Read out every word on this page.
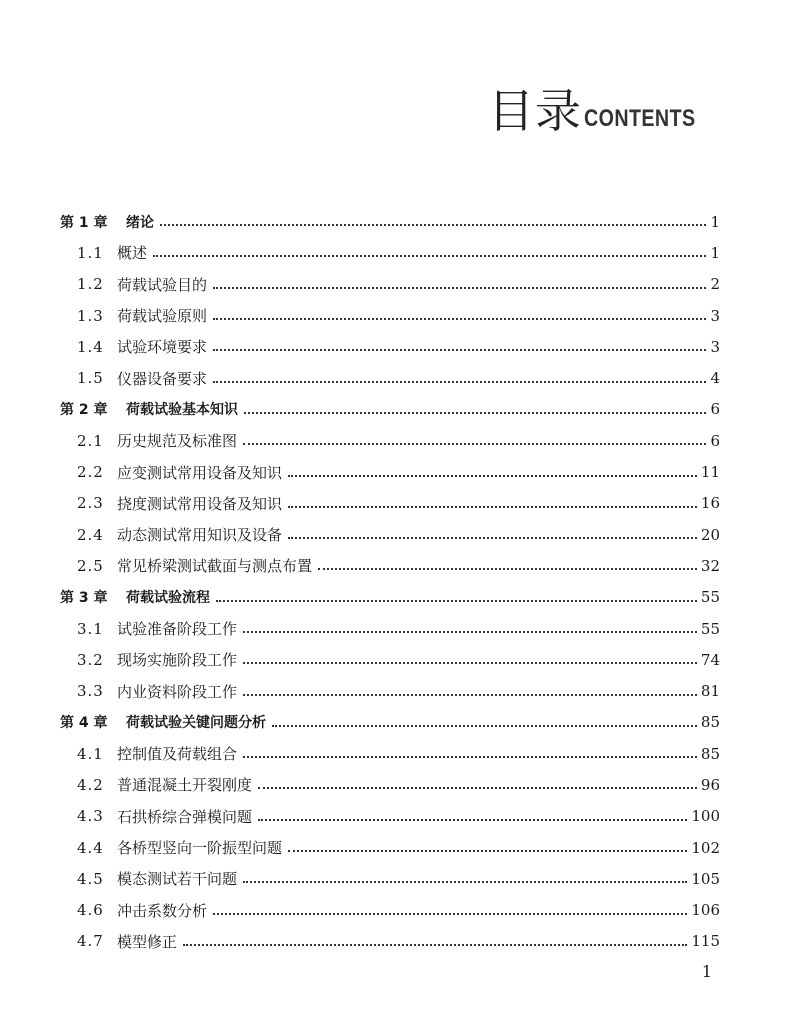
目录 CONTENTS
第 1 章 绪论	1
1.1 概述	1
1.2 荷载试验目的	2
1.3 荷载试验原则	3
1.4 试验环境要求	3
1.5 仪器设备要求	4
第 2 章 荷载试验基本知识	6
2.1 历史规范及标准图	6
2.2 应变测试常用设备及知识	11
2.3 挠度测试常用设备及知识	16
2.4 动态测试常用知识及设备	20
2.5 常见桥梁测试截面与测点布置	32
第 3 章 荷载试验流程	55
3.1 试验准备阶段工作	55
3.2 现场实施阶段工作	74
3.3 内业资料阶段工作	81
第 4 章 荷载试验关键问题分析	85
4.1 控制值及荷载组合	85
4.2 普通混凝土开裂刚度	96
4.3 石拱桥综合弹模问题	100
4.4 各桥型竖向一阶振型问题	102
4.5 模态测试若干问题	105
4.6 冲击系数分析	106
4.7 模型修正	115
1
